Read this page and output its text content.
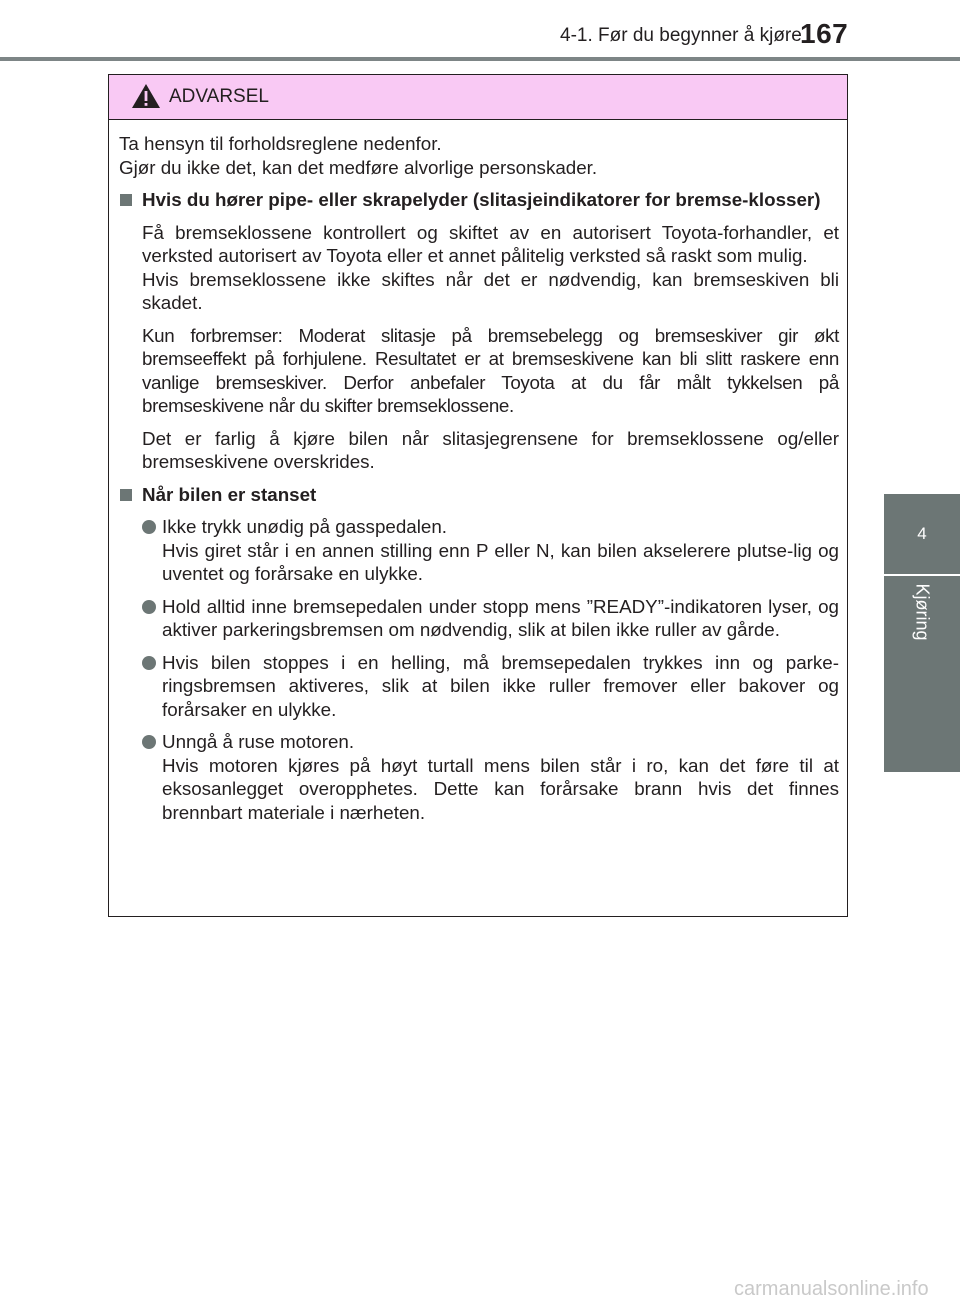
4-1. Før du begynner å kjøre
167
4
Kjøring
ADVARSEL

Ta hensyn til forholdsreglene nedenfor.
Gjør du ikke det, kan det medføre alvorlige personskader.

Hvis du hører pipe- eller skrapelyder (slitasjeindikatorer for bremse-klosser)

Få bremseklossene kontrollert og skiftet av en autorisert Toyota-forhandler, et verksted autorisert av Toyota eller et annet pålitelig verksted så raskt som mulig.
Hvis bremseklossene ikke skiftes når det er nødvendig, kan bremseskiven bli skadet.

Kun forbremser: Moderat slitasje på bremsebelegg og bremseskiver gir økt bremseeffekt på forhjulene. Resultatet er at bremseskivene kan bli slitt raskere enn vanlige bremseskiver. Derfor anbefaler Toyota at du får målt tykkelsen på bremseskivene når du skifter bremseklossene.

Det er farlig å kjøre bilen når slitasjegrensene for bremseklossene og/eller bremseskivene overskrides.

Når bilen er stanset

Ikke trykk unødig på gasspedalen.
Hvis giret står i en annen stilling enn P eller N, kan bilen akselerere plutse-lig og uventet og forårsake en ulykke.

Hold alltid inne bremsepedalen under stopp mens ”READY”-indikatoren lyser, og aktiver parkeringsbremsen om nødvendig, slik at bilen ikke ruller av gårde.

Hvis bilen stoppes i en helling, må bremsepedalen trykkes inn og parke-ringsbremsen aktiveres, slik at bilen ikke ruller fremover eller bakover og forårsaker en ulykke.

Unngå å ruse motoren.
Hvis motoren kjøres på høyt turtall mens bilen står i ro, kan det føre til at eksosanlegget overopphetes. Dette kan forårsake brann hvis det finnes brennbart materiale i nærheten.

carmanualsonline.info
